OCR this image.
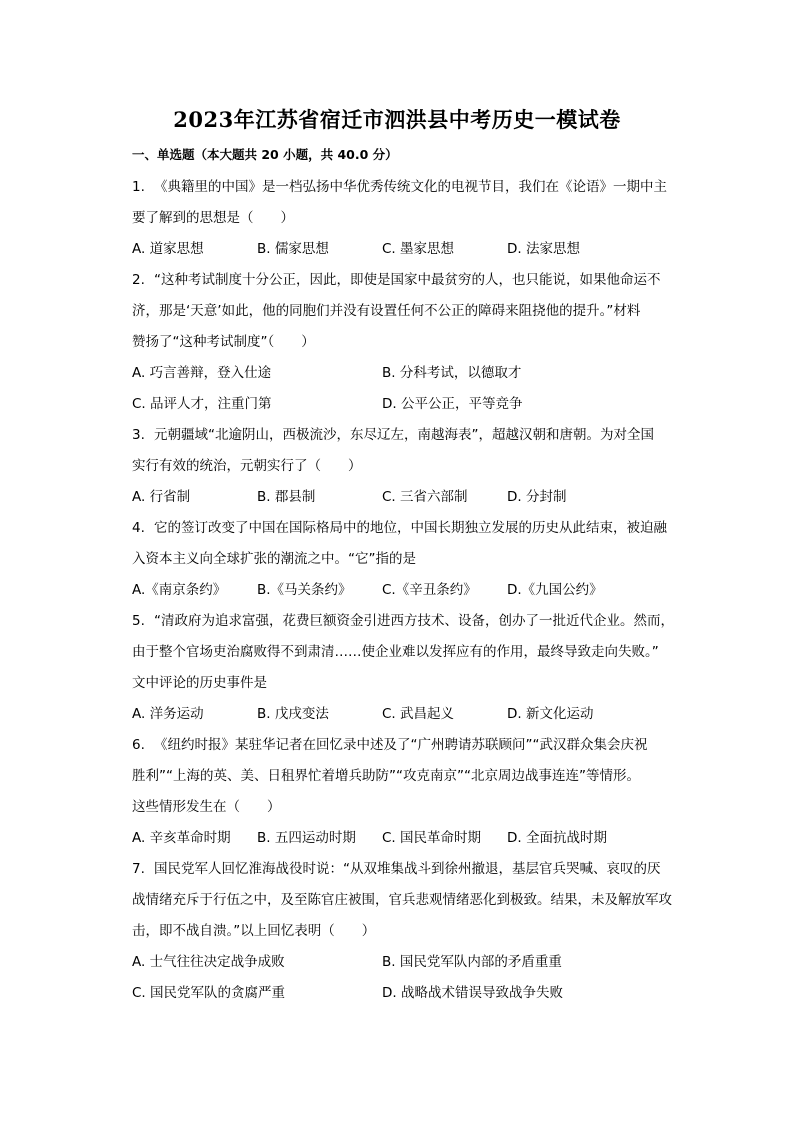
2023年江苏省宿迁市泗洪县中考历史一模试卷
一、单选题（本大题共 20 小题，共 40.0 分）
1. 《典籍里的中国》是一档弘扬中华优秀传统文化的电视节目，我们在《论语》一期中主
要了解到的思想是（　　）
A. 道家思想	B. 儒家思想	C. 墨家思想	D. 法家思想
2. “这种考试制度十分公正，因此，即使是国家中最贫穷的人，也只能说，如果他命运不
济，那是‘天意’如此，他的同胞们并没有设置任何不公正的障碍来阻挠他的提升。”材料
赞扬了“这种考试制度”（　　）
A. 巧言善辩，登入仕途	B. 分科考试，以德取才
C. 品评人才，注重门第	D. 公平公正，平等竞争
3. 元朝疆域“北逾阴山，西极流沙，东尽辽左，南越海表”，超越汉朝和唐朝。为对全国
实行有效的统治，元朝实行了（　　）
A. 行省制	B. 郡县制	C. 三省六部制	D. 分封制
4. 它的签订改变了中国在国际格局中的地位，中国长期独立发展的历史从此结束，被迫融
入资本主义向全球扩张的潮流之中。“它”指的是
A.《南京条约》 B.《马关条约》 C.《辛丑条约》 D.《九国公约》
5. “清政府为追求富强，花费巨额资金引进西方技术、设备，创办了一批近代企业。然而，
由于整个官场吏治腐败得不到肃清……使企业难以发挥应有的作用，最终导致走向失败。”
文中评论的历史事件是
A. 洋务运动	B. 戊戌变法	C. 武昌起义	D. 新文化运动
6. 《纽约时报》某驻华记者在回忆录中述及了“广州聘请苏联顾问”“武汉群众集会庆祝
胜利”“上海的英、美、日租界忙着增兵助防”“攻克南京”“北京周边战事连连”等情形。
这些情形发生在（　　）
A. 辛亥革命时期 B. 五四运动时期 C. 国民革命时期 D. 全面抗战时期
7. 国民党军人回忆淮海战役时说：“从双堆集战斗到徐州撤退，基层官兵哭喊、哀叹的厌
战情绪充斥于行伍之中，及至陈官庄被围，官兵悲观情绪恶化到极致。结果，未及解放军攻
击，即不战自溃。”以上回忆表明（　　）
A. 士气往往决定战争成败	B. 国民党军队内部的矛盾重重
C. 国民党军队的贪腐严重	D. 战略战术错误导致战争失败
